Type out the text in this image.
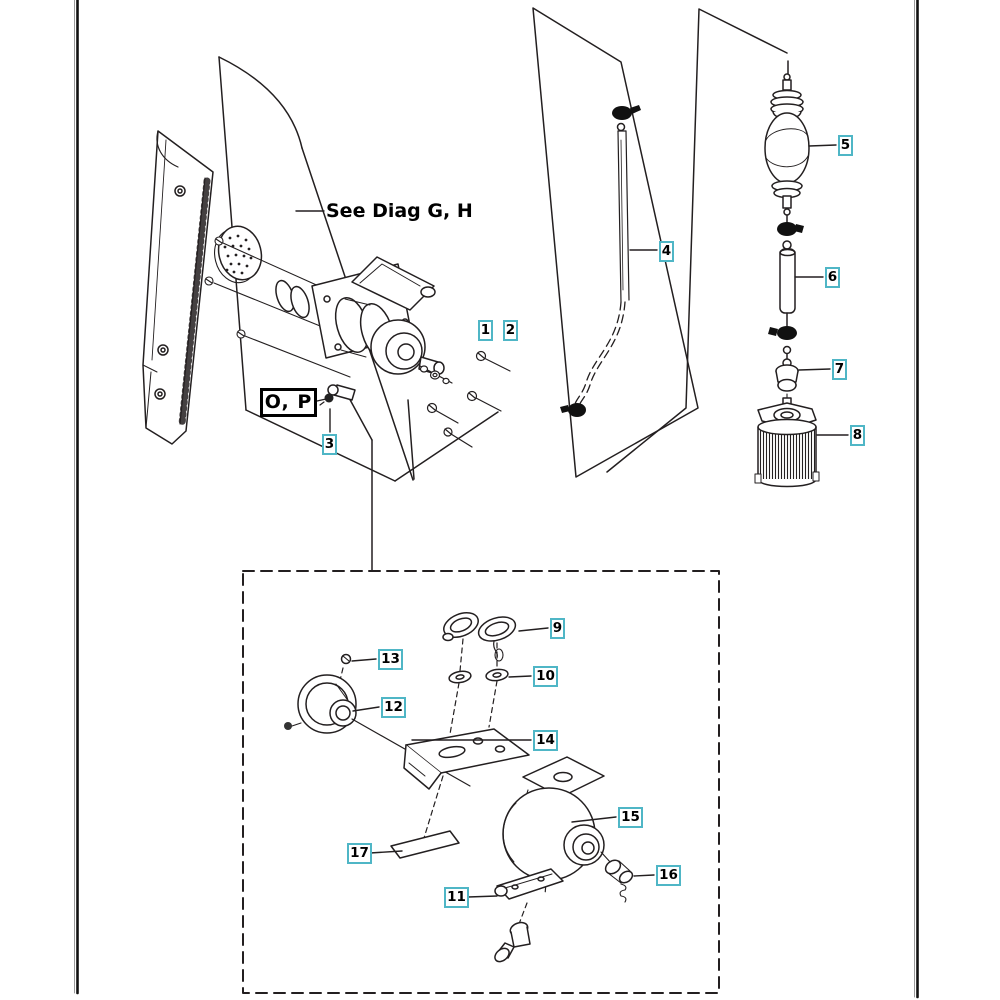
See Diag G, H
O, P
1 2
3
4
5
6
7
8
9
10
11
12
13
14
15
16
17
